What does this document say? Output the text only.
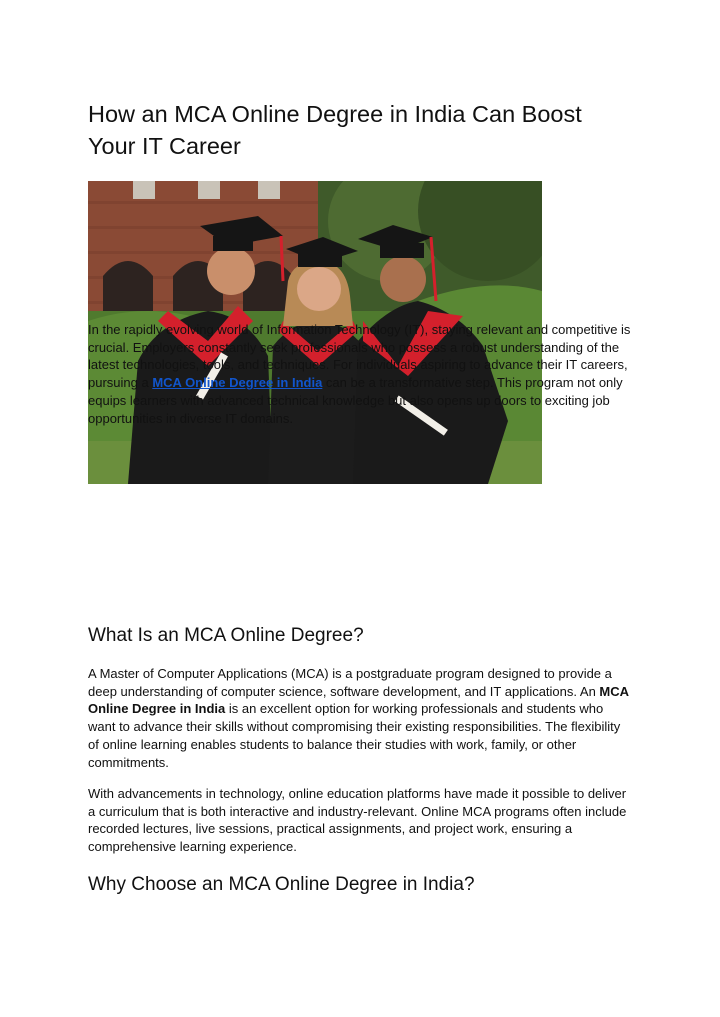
How an MCA Online Degree in India Can Boost Your IT Career

In the rapidly evolving world of Information Technology (IT), staying relevant and competitive is crucial. Employers constantly seek professionals who possess a robust understanding of the latest technologies, tools, and techniques. For individuals aspiring to advance their IT careers, pursuing a MCA Online Degree in India can be a transformative step. This program not only equips learners with advanced technical knowledge but also opens up doors to exciting job opportunities in diverse IT domains.

What Is an MCA Online Degree?

A Master of Computer Applications (MCA) is a postgraduate program designed to provide a deep understanding of computer science, software development, and IT applications. An MCA Online Degree in India is an excellent option for working professionals and students who want to advance their skills without compromising their existing responsibilities. The flexibility of online learning enables students to balance their studies with work, family, or other commitments.

With advancements in technology, online education platforms have made it possible to deliver a curriculum that is both interactive and industry-relevant. Online MCA programs often include recorded lectures, live sessions, practical assignments, and project work, ensuring a comprehensive learning experience.

Why Choose an MCA Online Degree in India?
